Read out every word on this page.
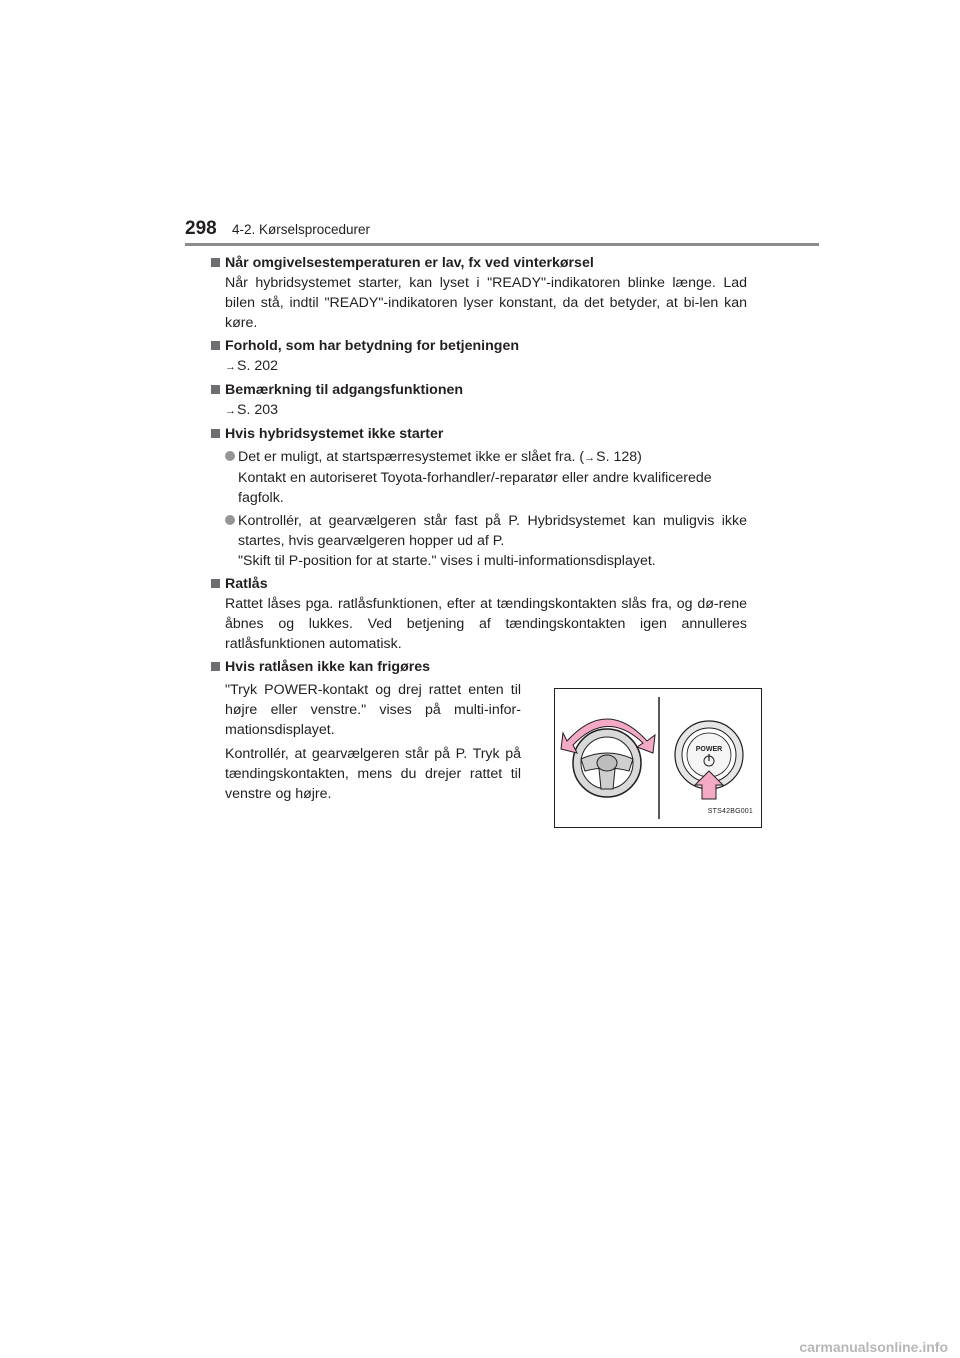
298 4-2. Kørselsprocedurer
Når omgivelsestemperaturen er lav, fx ved vinterkørsel
Når hybridsystemet starter, kan lyset i "READY"-indikatoren blinke længe. Lad bilen stå, indtil "READY"-indikatoren lyser konstant, da det betyder, at bi-len kan køre.
Forhold, som har betydning for betjeningen
→S. 202
Bemærkning til adgangsfunktionen
→S. 203
Hvis hybridsystemet ikke starter
Det er muligt, at startspærresystemet ikke er slået fra. (→S. 128)
Kontakt en autoriseret Toyota-forhandler/-reparatør eller andre kvalificerede fagfolk.
Kontrollér, at gearvælgeren står fast på P. Hybridsystemet kan muligvis ikke startes, hvis gearvælgeren hopper ud af P.
"Skift til P-position for at starte." vises i multi-informationsdisplayet.
Ratlås
Rattet låses pga. ratlåsfunktionen, efter at tændingskontakten slås fra, og dø-rene åbnes og lukkes. Ved betjening af tændingskontakten igen annulleres ratlåsfunktionen automatisk.
Hvis ratlåsen ikke kan frigøres

"Tryk POWER-kontakt og drej rattet enten til højre eller venstre." vises på multi-infor-mationsdisplayet.

Kontrollér, at gearvælgeren står på P. Tryk på tændingskontakten, mens du drejer rattet til venstre og højre.

POWER
STS42BG001
carmanualsonline.info
